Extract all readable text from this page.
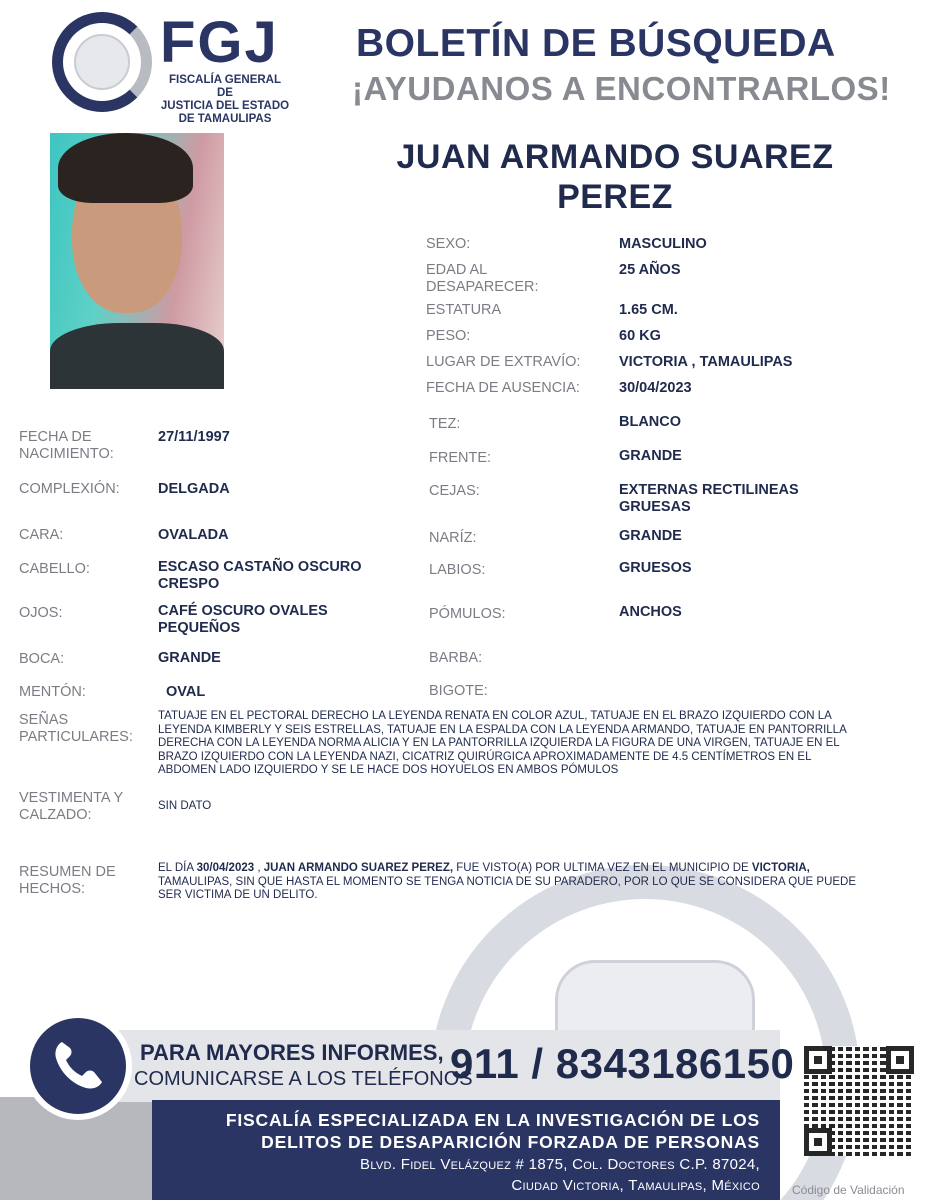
FGJ
FISCALÍA GENERAL DE
JUSTICIA DEL ESTADO
DE TAMAULIPAS
BOLETÍN DE BÚSQUEDA
¡AYUDANOS A ENCONTRARLOS!
JUAN ARMANDO SUAREZ
PEREZ
SEXO:	MASCULINO
EDAD AL DESAPARECER:
25 AÑOS
ESTATURA	1.65 CM.
PESO:	60 KG
LUGAR DE EXTRAVÍO:	VICTORIA , TAMAULIPAS
FECHA DE AUSENCIA:	30/04/2023
TEZ:	BLANCO
FRENTE:	GRANDE
CEJAS:	EXTERNAS RECTILINEAS GRUESAS
NARÍZ:	GRANDE
LABIOS:	GRUESOS
PÓMULOS:	ANCHOS
BARBA:
BIGOTE:
FECHA DE NACIMIENTO:
27/11/1997
COMPLEXIÓN:	DELGADA
CARA:	OVALADA
CABELLO:	ESCASO CASTAÑO OSCURO CRESPO
OJOS:	CAFÉ OSCURO OVALES PEQUEÑOS
BOCA:	GRANDE
MENTÓN:	OVAL
SEÑAS PARTICULARES:
TATUAJE EN EL PECTORAL DERECHO LA LEYENDA RENATA EN COLOR AZUL, TATUAJE EN EL BRAZO IZQUIERDO CON LA LEYENDA KIMBERLY Y SEIS ESTRELLAS, TATUAJE EN LA ESPALDA CON LA LEYENDA ARMANDO, TATUAJE EN PANTORRILLA DERECHA CON LA LEYENDA NORMA ALICIA Y EN LA PANTORRILLA IZQUIERDA LA FIGURA DE UNA VIRGEN, TATUAJE EN EL BRAZO IZQUIERDO CON LA LEYENDA NAZI, CICATRIZ QUIRÚRGICA APROXIMADAMENTE DE 4.5 CENTÍMETROS EN EL ABDOMEN LADO IZQUIERDO Y SE LE HACE DOS HOYUELOS EN AMBOS PÓMULOS
VESTIMENTA Y CALZADO:
SIN DATO
RESUMEN DE HECHOS:
EL DÍA 30/04/2023 , JUAN ARMANDO SUAREZ PEREZ, FUE VISTO(A) POR ULTIMA VEZ EN EL MUNICIPIO DE VICTORIA, TAMAULIPAS, SIN QUE HASTA EL MOMENTO SE TENGA NOTICIA DE SU PARADERO, POR LO QUE SE CONSIDERA QUE PUEDE SER VICTIMA DE UN DELITO.
PARA MAYORES INFORMES,
COMUNICARSE A LOS TELÉFONOS
911 / 8343186150
FISCALÍA ESPECIALIZADA EN LA INVESTIGACIÓN DE LOS
DELITOS DE DESAPARICIÓN FORZADA DE PERSONAS
Blvd. Fidel Velázquez # 1875, Col. Doctores C.P. 87024,
Ciudad Victoria, Tamaulipas, México	Código de Validación
